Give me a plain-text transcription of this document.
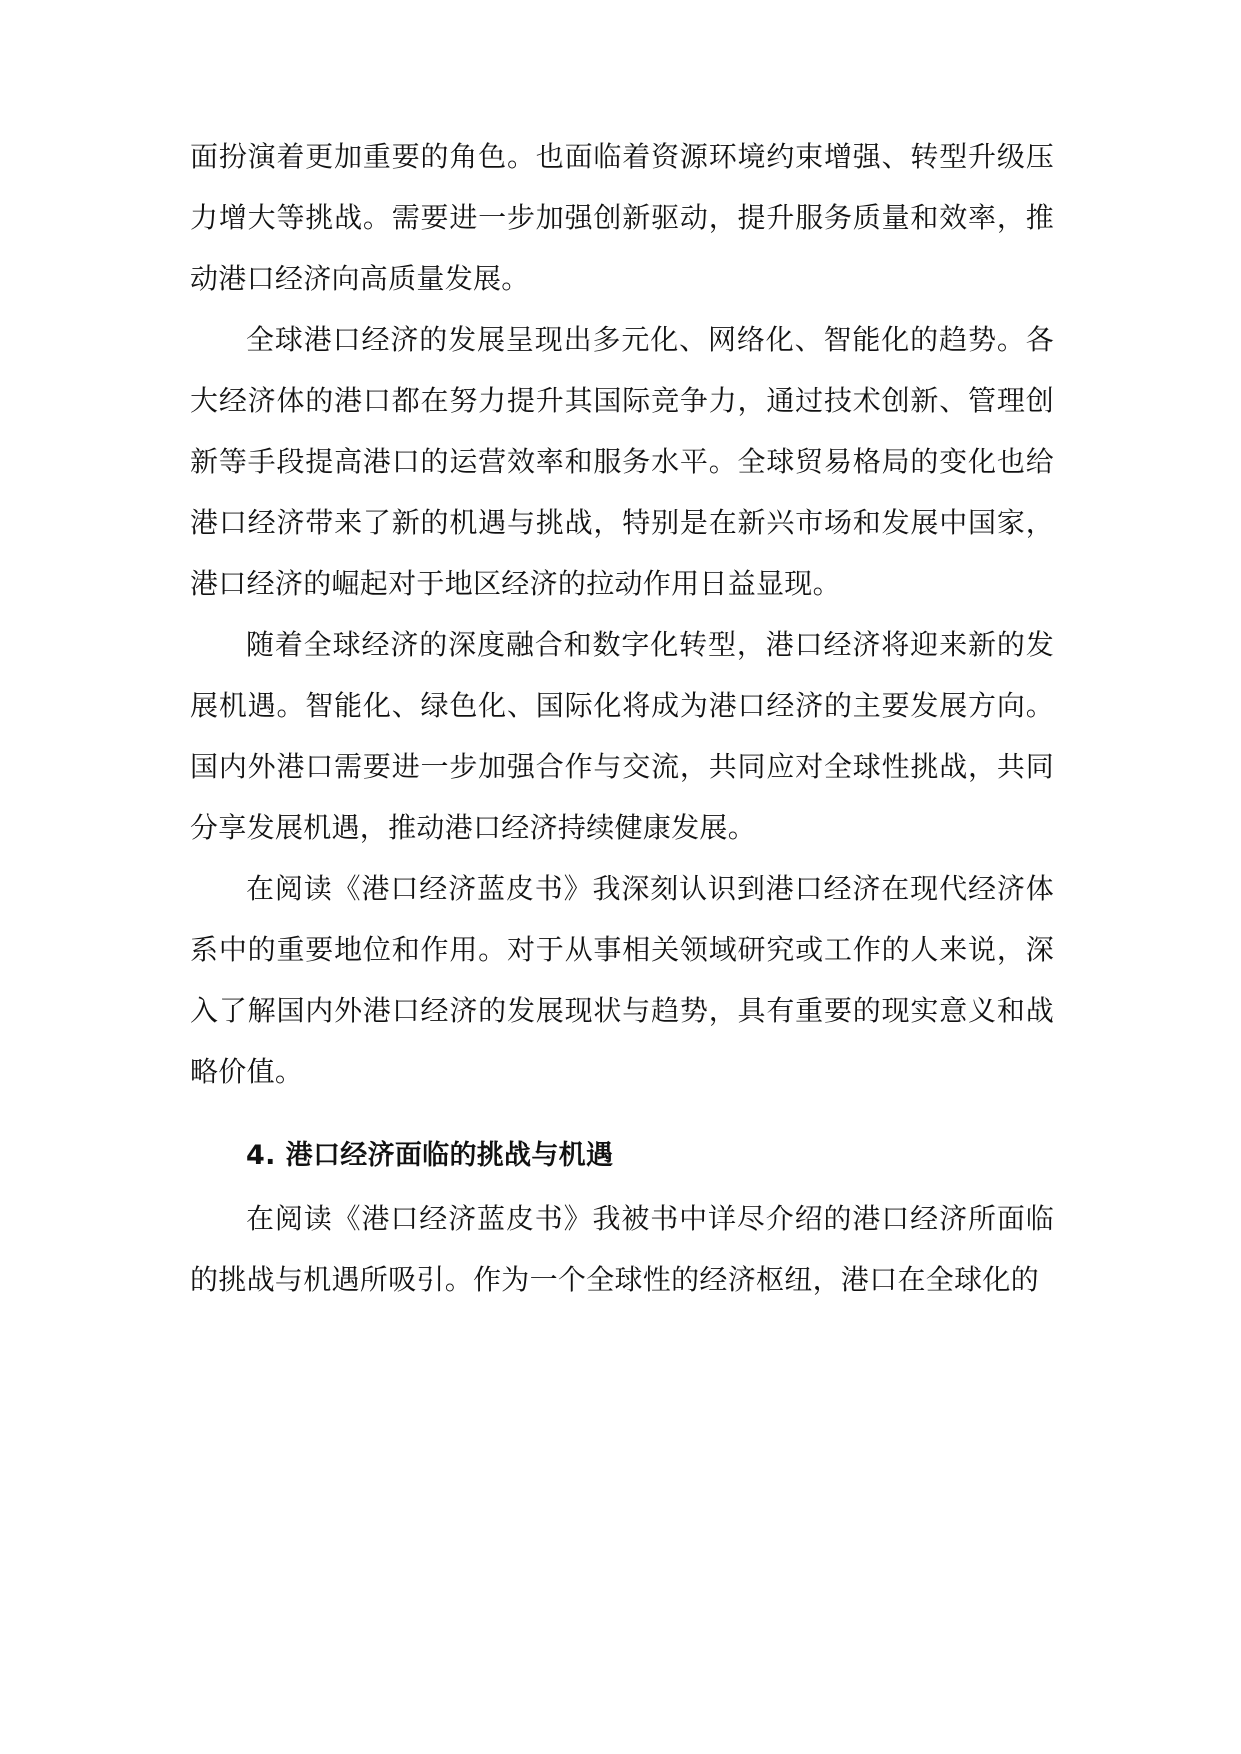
面扮演着更加重要的角色。也面临着资源环境约束增强、转型升级压力增大等挑战。需要进一步加强创新驱动，提升服务质量和效率，推动港口经济向高质量发展。

全球港口经济的发展呈现出多元化、网络化、智能化的趋势。各大经济体的港口都在努力提升其国际竞争力，通过技术创新、管理创新等手段提高港口的运营效率和服务水平。全球贸易格局的变化也给港口经济带来了新的机遇与挑战，特别是在新兴市场和发展中国家，港口经济的崛起对于地区经济的拉动作用日益显现。

随着全球经济的深度融合和数字化转型，港口经济将迎来新的发展机遇。智能化、绿色化、国际化将成为港口经济的主要发展方向。国内外港口需要进一步加强合作与交流，共同应对全球性挑战，共同分享发展机遇，推动港口经济持续健康发展。

在阅读《港口经济蓝皮书》我深刻认识到港口经济在现代经济体系中的重要地位和作用。对于从事相关领域研究或工作的人来说，深入了解国内外港口经济的发展现状与趋势，具有重要的现实意义和战略价值。

4. 港口经济面临的挑战与机遇

在阅读《港口经济蓝皮书》我被书中详尽介绍的港口经济所面临的挑战与机遇所吸引。作为一个全球性的经济枢纽，港口在全球化的
